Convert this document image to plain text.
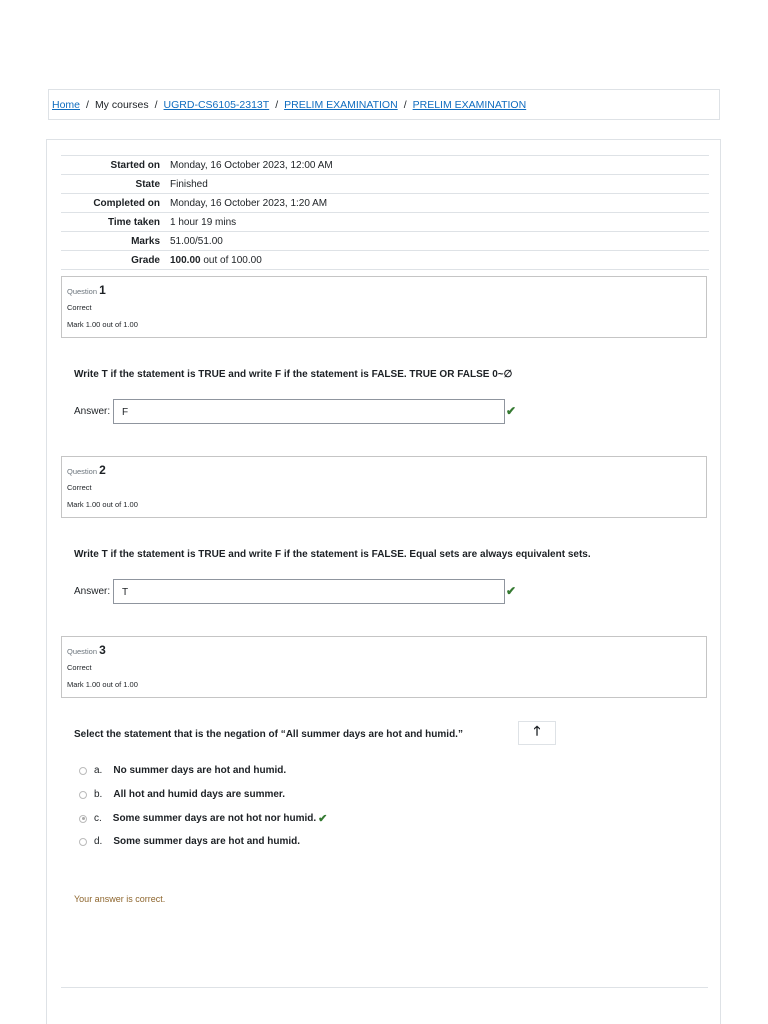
Home / My courses / UGRD-CS6105-2313T / PRELIM EXAMINATION / PRELIM EXAMINATION
Started on	Monday, 16 October 2023, 12:00 AM
State	Finished
Completed on	Monday, 16 October 2023, 1:20 AM
Time taken	1 hour 19 mins
Marks	51.00/51.00
Grade	100.00 out of 100.00
Question 1
Correct
Mark 1.00 out of 1.00
Write T if the statement is TRUE and write F if the statement is FALSE. TRUE OR FALSE 0~∅
Answer:	F	✔
Question 2
Correct
Mark 1.00 out of 1.00
Write T if the statement is TRUE and write F if the statement is FALSE. Equal sets are always equivalent sets.
Answer:	T	✔
Question 3
Correct
Mark 1.00 out of 1.00
Select the statement that is the negation of “All summer days are hot and humid.”	🡑
a. No summer days are hot and humid.
b. All hot and humid days are summer.
c. Some summer days are not hot nor humid. ✔
d. Some summer days are hot and humid.
Your answer is correct.
